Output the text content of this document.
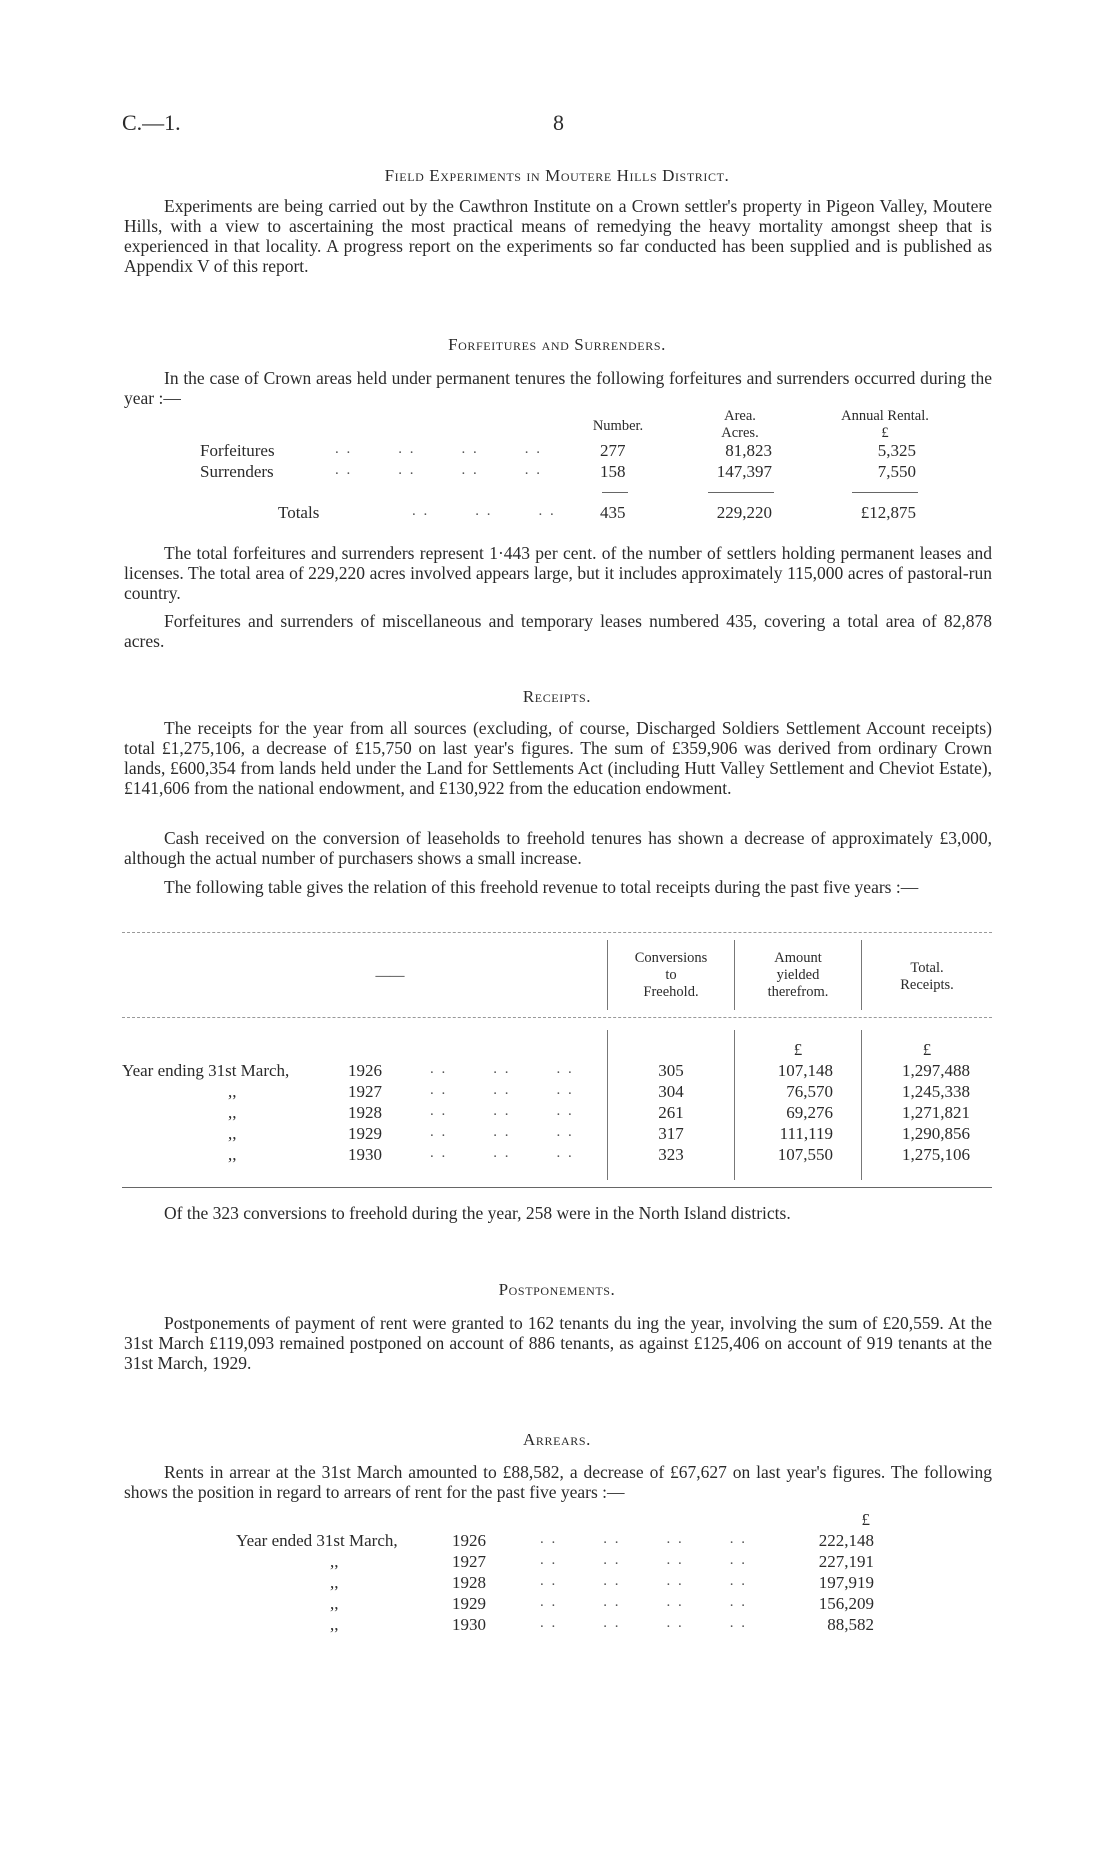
C.—1.	8
Field Experiments in Moutere Hills District.
Experiments are being carried out by the Cawthron Institute on a Crown settler's property in Pigeon Valley, Moutere Hills, with a view to ascertaining the most practical means of remedying the heavy mortality amongst sheep that is experienced in that locality. A progress report on the experiments so far conducted has been supplied and is published as Appendix V of this report.
Forfeitures and Surrenders.
In the case of Crown areas held under permanent tenures the following forfeitures and surrenders occurred during the year :—
Number.
Area.
Acres.
Annual Rental.
£
Forfeitures	. .        . .        . .        . .	277	81,823	5,325
Surrenders	. .        . .        . .        . .	158	147,397	7,550
Totals	. .        . .        . .	435	229,220	£12,875
The total forfeitures and surrenders represent 1·443 per cent. of the number of settlers holding permanent leases and licenses. The total area of 229,220 acres involved appears large, but it includes approximately 115,000 acres of pastoral-run country.
Forfeitures and surrenders of miscellaneous and temporary leases numbered 435, covering a total area of 82,878 acres.
Receipts.
The receipts for the year from all sources (excluding, of course, Discharged Soldiers Settlement Account receipts) total £1,275,106, a decrease of £15,750 on last year's figures. The sum of £359,906 was derived from ordinary Crown lands, £600,354 from lands held under the Land for Settlements Act (including Hutt Valley Settlement and Cheviot Estate), £141,606 from the national endowment, and £130,922 from the education endowment.
Cash received on the conversion of leaseholds to freehold tenures has shown a decrease of approximately £3,000, although the actual number of purchasers shows a small increase.
The following table gives the relation of this freehold revenue to total receipts during the past five years :—
——
Conversions
to
Freehold.
Amount
yielded
therefrom.
Total.
Receipts.
£	£
Year ending 31st March,	1926	. .        . .        . .	305	107,148	1,297,488
,,	1927	. .        . .        . .	304	76,570	1,245,338
,,	1928	. .        . .        . .	261	69,276	1,271,821
,,	1929	. .        . .        . .	317	111,119	1,290,856
,,	1930	. .        . .        . .	323	107,550	1,275,106
Of the 323 conversions to freehold during the year, 258 were in the North Island districts.
Postponements.
Postponements of payment of rent were granted to 162 tenants du ing the year, involving the sum of £20,559. At the 31st March £119,093 remained postponed on account of 886 tenants, as against £125,406 on account of 919 tenants at the 31st March, 1929.
Arrears.
Rents in arrear at the 31st March amounted to £88,582, a decrease of £67,627 on last year's figures. The following shows the position in regard to arrears of rent for the past five years :—
£
Year ended 31st March,	1926	. .        . .        . .        . .	222,148
,,	1927	. .        . .        . .        . .	227,191
,,	1928	. .        . .        . .        . .	197,919
,,	1929	. .        . .        . .        . .	156,209
,,	1930	. .        . .        . .        . .	88,582
